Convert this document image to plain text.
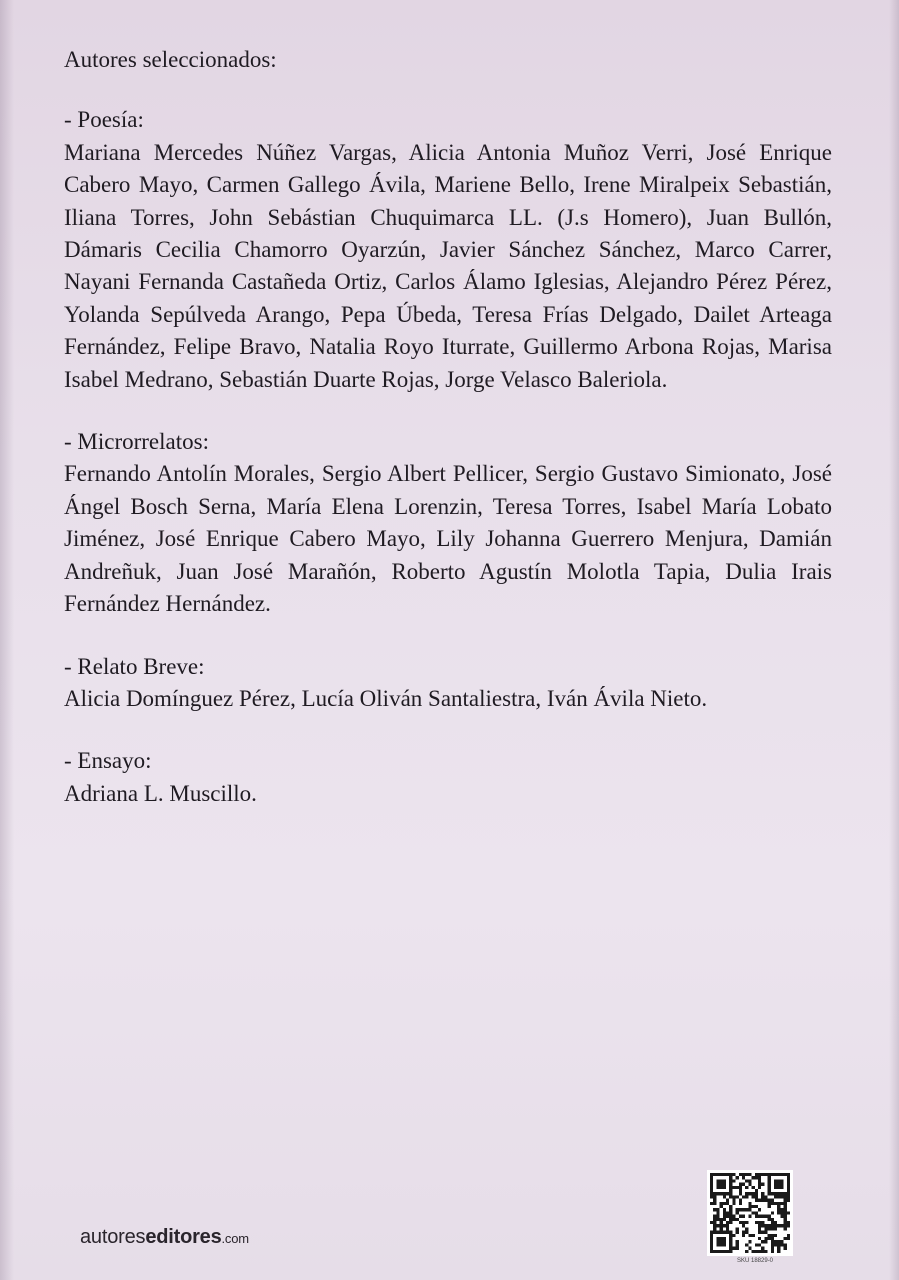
Autores seleccionados:

- Poesía:

Mariana Mercedes Núñez Vargas, Alicia Antonia Muñoz Verri, José Enrique Cabero Mayo, Carmen Gallego Ávila, Mariene Bello, Irene Miralpeix Sebastián, Iliana Torres, John Sebástian Chuquimarca LL. (J.s Homero), Juan Bullón, Dámaris Cecilia Chamorro Oyarzún, Javier Sánchez Sánchez, Marco Carrer, Nayani Fernanda Castañeda Ortiz, Carlos Álamo Iglesias, Alejandro Pérez Pérez, Yolanda Sepúlveda Arango, Pepa Úbeda, Teresa Frías Delgado, Dailet Arteaga Fernández, Felipe Bravo, Natalia Royo Iturrate, Guillermo Arbona Rojas, Marisa Isabel Medrano, Sebastián Duarte Rojas, Jorge Velasco Baleriola.

- Microrrelatos:

Fernando Antolín Morales, Sergio Albert Pellicer, Sergio Gustavo Simionato, José Ángel Bosch Serna, María Elena Lorenzin, Teresa Torres, Isabel María Lobato Jiménez, José Enrique Cabero Mayo, Lily Johanna Guerrero Menjura, Damián Andreñuk, Juan José Marañón, Roberto Agustín Molotla Tapia, Dulia Irais Fernández Hernández.

- Relato Breve:

Alicia Domínguez Pérez, Lucía Oliván Santaliestra, Iván Ávila Nieto.

- Ensayo:

Adriana L. Muscillo.

autoreseditores.com
SKU 18829-0
